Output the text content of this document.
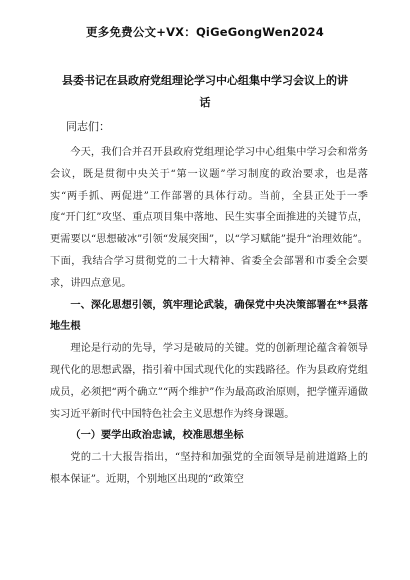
更多免费公文+VX：QiGeGongWen2024
县委书记在县政府党组理论学习中心组集中学习会议上的讲话
同志们：

今天，我们合并召开县政府党组理论学习中心组集中学习会和常务会议，既是贯彻中央关于“第一议题”学习制度的政治要求，也是落实“两手抓、两促进”工作部署的具体行动。当前，全县正处于一季度“开门红”攻坚、重点项目集中落地、民生实事全面推进的关键节点，更需要以“思想破冰”引领“发展突围”，以“学习赋能”提升“治理效能”。下面，我结合学习贯彻党的二十大精神、省委全会部署和市委全会要求，讲四点意见。

一、深化思想引领，筑牢理论武装，确保党中央决策部署在**县落地生根

理论是行动的先导，学习是破局的关键。党的创新理论蕴含着领导现代化的思想武器，指引着中国式现代化的实践路径。作为县政府党组成员，必须把“两个确立”“两个维护”作为最高政治原则，把学懂弄通做实习近平新时代中国特色社会主义思想作为终身课题。

（一）要学出政治忠诚，校准思想坐标

党的二十大报告指出，“坚持和加强党的全面领导是前进道路上的根本保证”。近期，个别地区出现的“政策空
